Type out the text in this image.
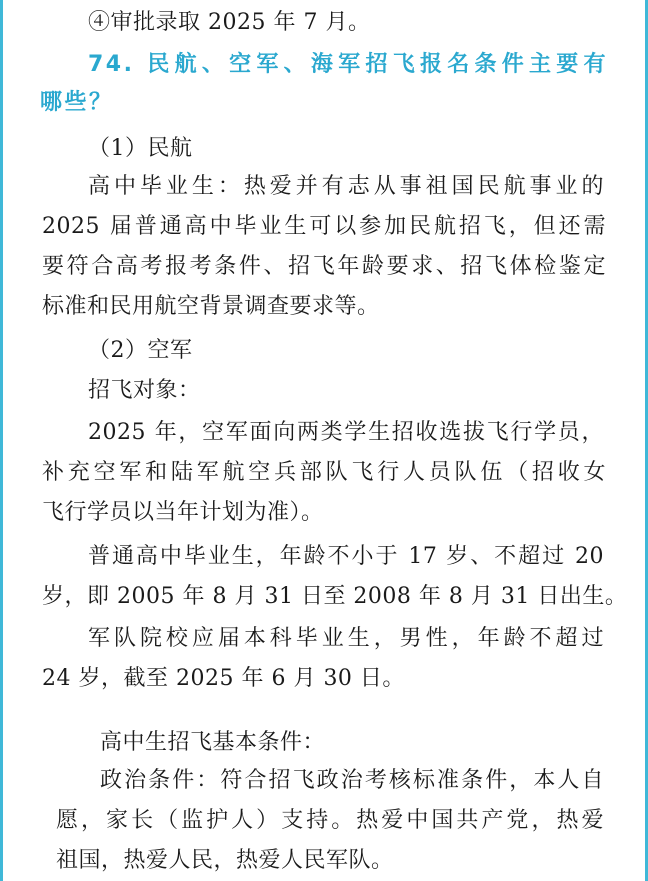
④审批录取 2025 年 7 月。
74. 民航、空军、海军招飞报名条件主要有
哪些？
（1）民航
高中毕业生：热爱并有志从事祖国民航事业的
2025 届普通高中毕业生可以参加民航招飞，但还需
要符合高考报考条件、招飞年龄要求、招飞体检鉴定
标准和民用航空背景调查要求等。
（2）空军
招飞对象：
2025 年，空军面向两类学生招收选拔飞行学员，
补充空军和陆军航空兵部队飞行人员队伍（招收女
飞行学员以当年计划为准）。
普通高中毕业生，年龄不小于 17 岁、不超过 20
岁，即 2005 年 8 月 31 日至 2008 年 8 月 31 日出生。
军队院校应届本科毕业生，男性，年龄不超过
24 岁，截至 2025 年 6 月 30 日。
高中生招飞基本条件：
政治条件：符合招飞政治考核标准条件，本人自
愿，家长（监护人）支持。热爱中国共产党，热爱
祖国，热爱人民，热爱人民军队。
